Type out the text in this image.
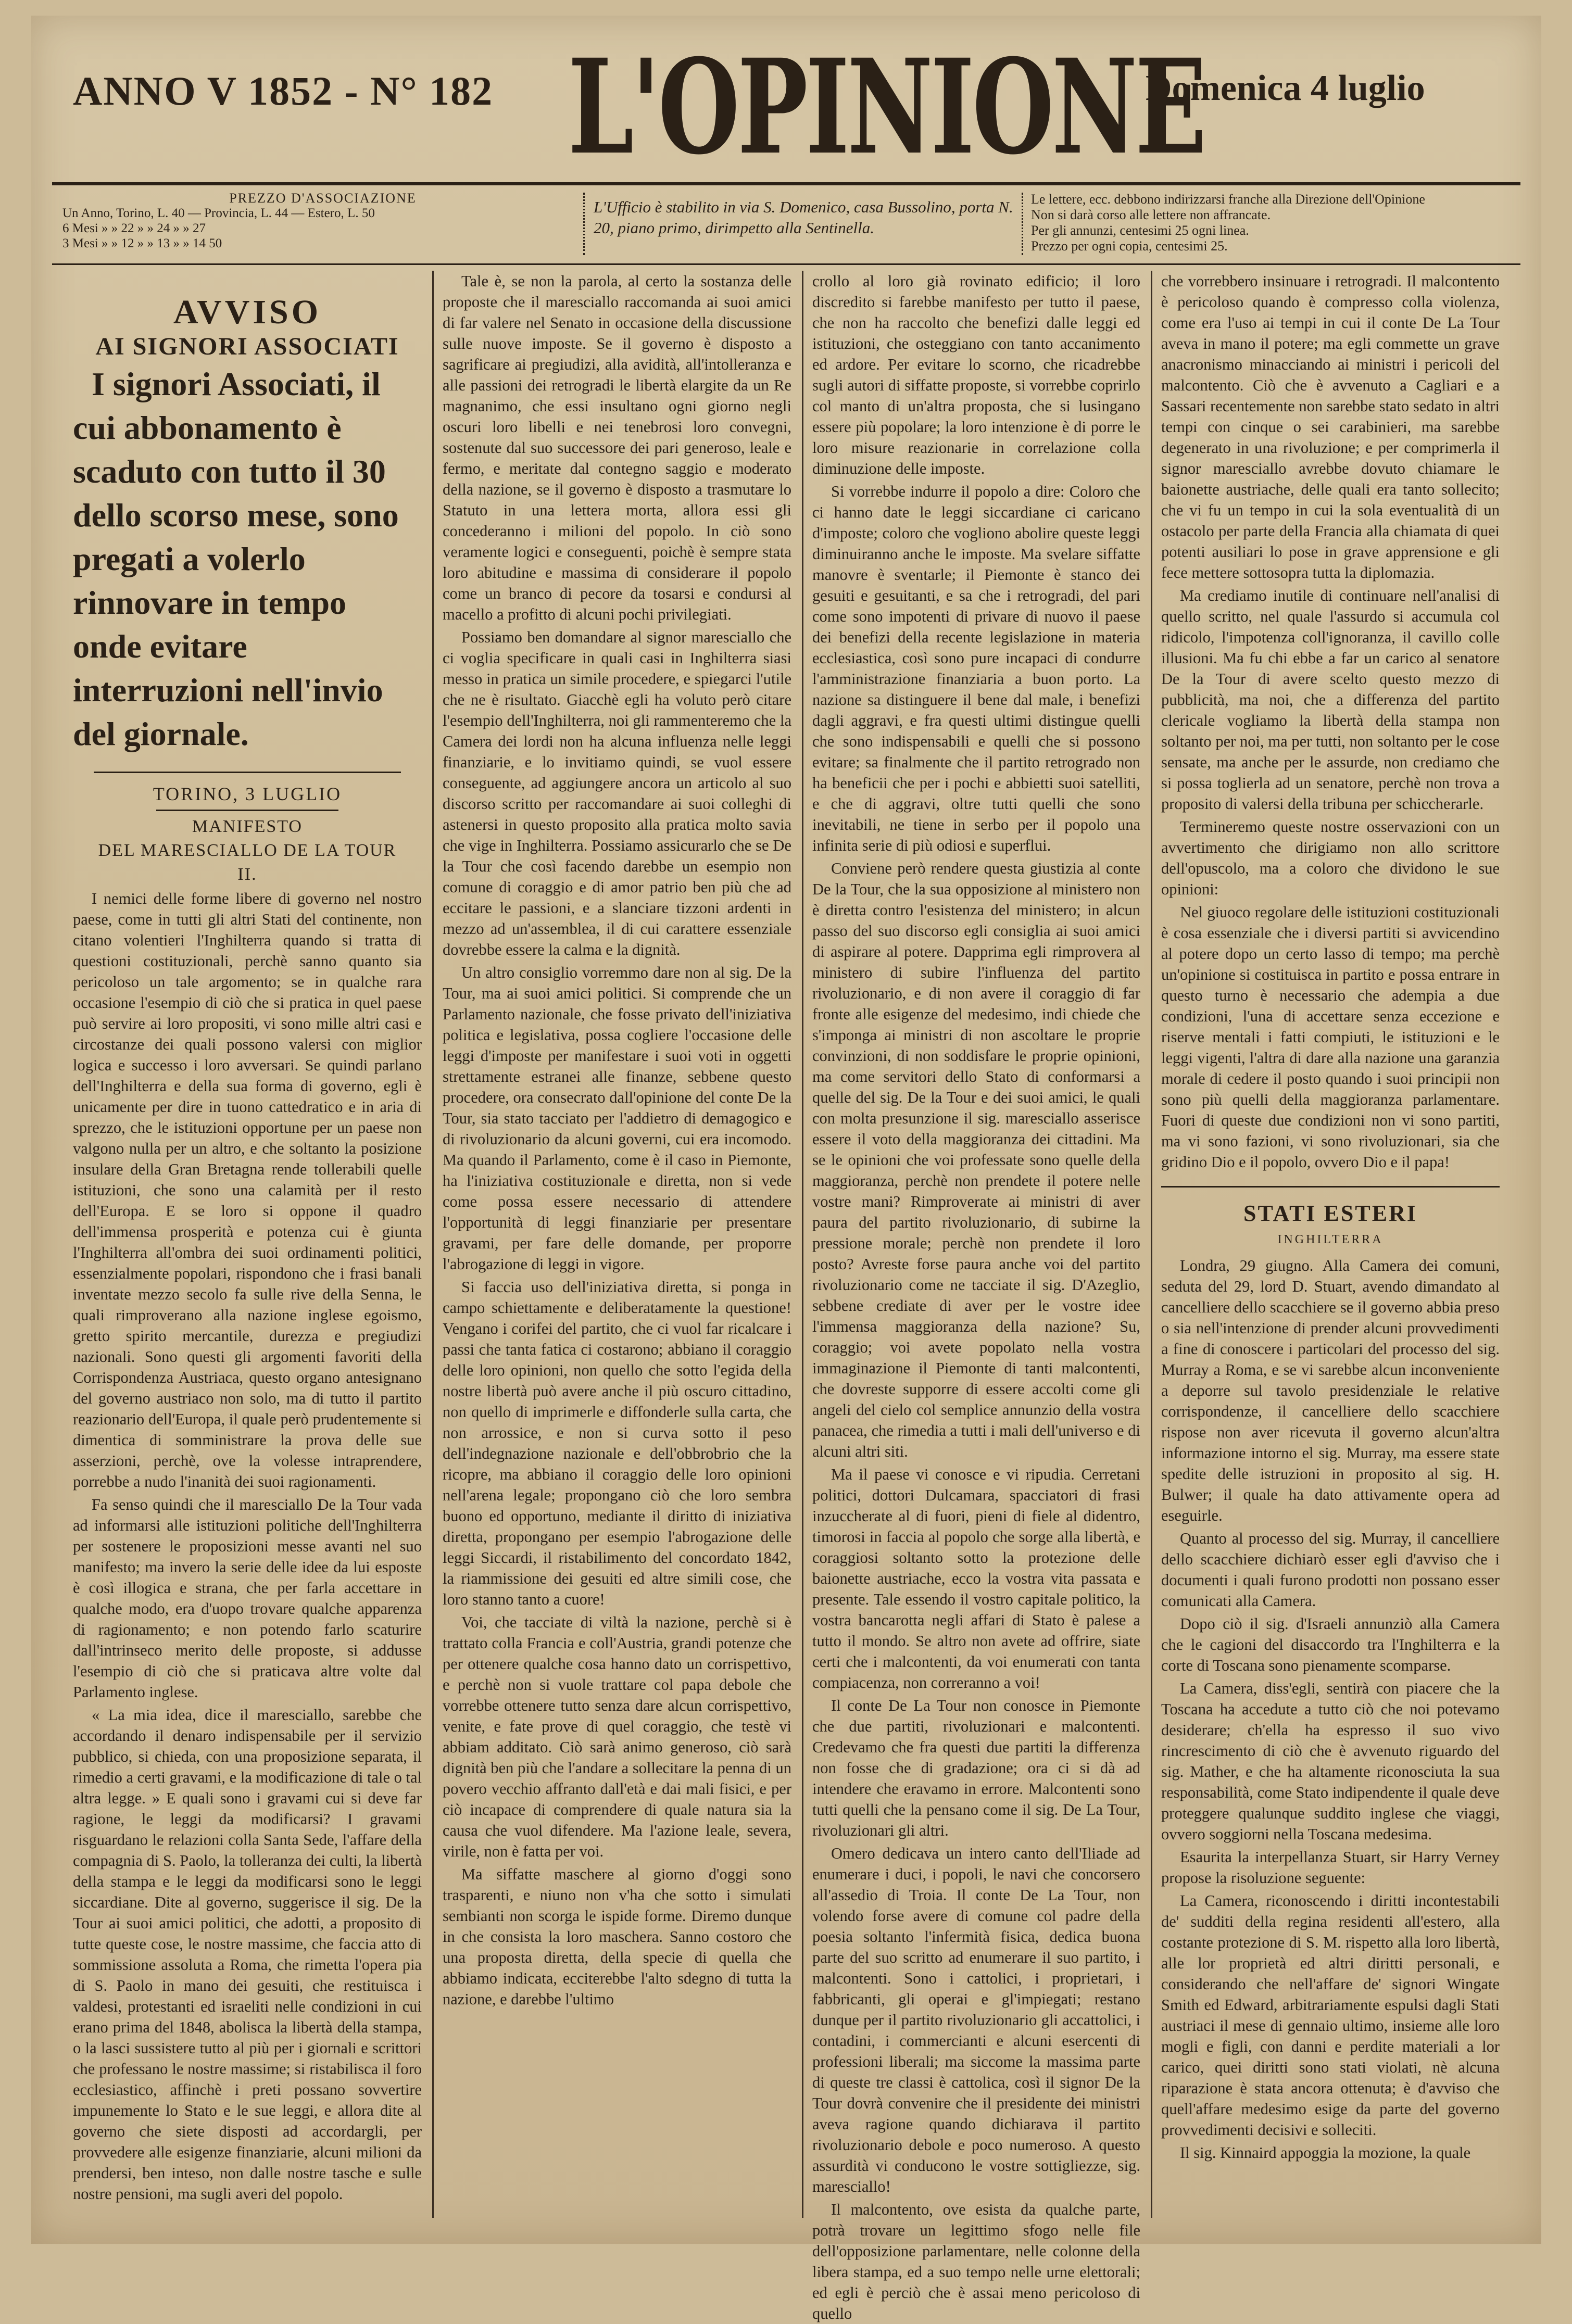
ANNO V 1852 - N° 182 L'OPINIONE
Domenica 4 luglio
PREZZO D'ASSOCIAZIONE
Un Anno, Torino, L. 40 — Provincia, L. 44 — Estero, L. 50
6 Mesi » » 22 » » 24 » » 27
3 Mesi » » 12 » » 13 » » 14 50
L'Ufficio è stabilito in via S. Domenico, casa Bussolino, porta N. 20, piano primo, dirimpetto alla Sentinella.
Le lettere, ecc. debbono indirizzarsi franche alla Direzione dell'Opinione
Non si darà corso alle lettere non affrancate.
Per gli annunzi, centesimi 25 ogni linea.
Prezzo per ogni copia, centesimi 25.
AVVISO
AI SIGNORI ASSOCIATI

I signori Associati, il cui abbonamento è scaduto con tutto il 30 dello scorso mese, sono pregati a volerlo rinnovare in tempo onde evitare interruzioni nell'invio del giornale.

TORINO, 3 LUGLIO
MANIFESTO
DEL MARESCIALLO DE LA TOUR
II.

I nemici delle forme libere di governo nel nostro paese, come in tutti gli altri Stati del continente, non citano volentieri l'Inghilterra quando si tratta di questioni costituzionali, perchè sanno quanto sia pericoloso un tale argomento; se in qualche rara occasione l'esempio di ciò che si pratica in quel paese può servire ai loro propositi, vi sono mille altri casi e circostanze dei quali possono valersi con miglior logica e successo i loro avversari. Se quindi parlano dell'Inghilterra e della sua forma di governo, egli è unicamente per dire in tuono cattedratico e in aria di sprezzo, che le istituzioni opportune per un paese non valgono nulla per un altro, e che soltanto la posizione insulare della Gran Bretagna rende tollerabili quelle istituzioni, che sono una calamità per il resto dell'Europa. E se loro si oppone il quadro dell'immensa prosperità e potenza cui è giunta l'Inghilterra all'ombra dei suoi ordinamenti politici, essenzialmente popolari, rispondono che i frasi banali inventate mezzo secolo fa sulle rive della Senna, le quali rimproverano alla nazione inglese egoismo, gretto spirito mercantile, durezza e pregiudizi nazionali. Sono questi gli argomenti favoriti della Corrispondenza Austriaca, questo organo antesignano del governo austriaco non solo, ma di tutto il partito reazionario dell'Europa, il quale però prudentemente si dimentica di somministrare la prova delle sue asserzioni, perchè, ove la volesse intraprendere, porrebbe a nudo l'inanità dei suoi ragionamenti.

Fa senso quindi che il maresciallo De la Tour vada ad informarsi alle istituzioni politiche dell'Inghilterra per sostenere le proposizioni messe avanti nel suo manifesto; ma invero la serie delle idee da lui esposte è così illogica e strana, che per farla accettare in qualche modo, era d'uopo trovare qualche apparenza di ragionamento; e non potendo farlo scaturire dall'intrinseco merito delle proposte, si addusse l'esempio di ciò che si praticava altre volte dal Parlamento inglese.

« La mia idea, dice il maresciallo, sarebbe che accordando il denaro indispensabile per il servizio pubblico, si chieda, con una proposizione separata, il rimedio a certi gravami, e la modificazione di tale o tal altra legge. » E quali sono i gravami cui si deve far ragione, le leggi da modificarsi? I gravami risguardano le relazioni colla Santa Sede, l'affare della compagnia di S. Paolo, la tolleranza dei culti, la libertà della stampa e le leggi da modificarsi sono le leggi siccardiane. Dite al governo, suggerisce il sig. De la Tour ai suoi amici politici, che adotti, a proposito di tutte queste cose, le nostre massime, che faccia atto di sommissione assoluta a Roma, che rimetta l'opera pia di S. Paolo in mano dei gesuiti, che restituisca i valdesi, protestanti ed israeliti nelle condizioni in cui erano prima del 1848, abolisca la libertà della stampa, o la lasci sussistere tutto al più per i giornali e scrittori che professano le nostre massime; si ristabilisca il foro ecclesiastico, affinchè i preti possano sovvertire impunemente lo Stato e le sue leggi, e allora dite al governo che siete disposti ad accordargli, per provvedere alle esigenze finanziarie, alcuni milioni da prendersi, ben inteso, non dalle nostre tasche e sulle nostre pensioni, ma sugli averi del popolo.

Tale è, se non la parola, al certo la sostanza delle proposte che il maresciallo raccomanda ai suoi amici di far valere nel Senato in occasione della discussione sulle nuove imposte. Se il governo è disposto a sagrificare ai pregiudizi, alla avidità, all'intolleranza e alle passioni dei retrogradi le libertà elargite da un Re magnanimo, che essi insultano ogni giorno negli oscuri loro libelli e nei tenebrosi loro convegni, sostenute dal suo successore dei pari generoso, leale e fermo, e meritate dal contegno saggio e moderato della nazione, se il governo è disposto a trasmutare lo Statuto in una lettera morta, allora essi gli concederanno i milioni del popolo. In ciò sono veramente logici e conseguenti, poichè è sempre stata loro abitudine e massima di considerare il popolo come un branco di pecore da tosarsi e condursi al macello a profitto di alcuni pochi privilegiati.

Possiamo ben domandare al signor maresciallo che ci voglia specificare in quali casi in Inghilterra siasi messo in pratica un simile procedere, e spiegarci l'utile che ne è risultato. Giacchè egli ha voluto però citare l'esempio dell'Inghilterra, noi gli rammenteremo che la Camera dei lordi non ha alcuna influenza nelle leggi finanziarie, e lo invitiamo quindi, se vuol essere conseguente, ad aggiungere ancora un articolo al suo discorso scritto per raccomandare ai suoi colleghi di astenersi in questo proposito alla pratica molto savia che vige in Inghilterra. Possiamo assicurarlo che se De la Tour che così facendo darebbe un esempio non comune di coraggio e di amor patrio ben più che ad eccitare le passioni, e a slanciare tizzoni ardenti in mezzo ad un'assemblea, il di cui carattere essenziale dovrebbe essere la calma e la dignità.

Un altro consiglio vorremmo dare non al sig. De la Tour, ma ai suoi amici politici. Si comprende che un Parlamento nazionale, che fosse privato dell'iniziativa politica e legislativa, possa cogliere l'occasione delle leggi d'imposte per manifestare i suoi voti in oggetti strettamente estranei alle finanze, sebbene questo procedere, ora consecrato dall'opinione del conte De la Tour, sia stato tacciato per l'addietro di demagogico e di rivoluzionario da alcuni governi, cui era incomodo. Ma quando il Parlamento, come è il caso in Piemonte, ha l'iniziativa costituzionale e diretta, non si vede come possa essere necessario di attendere l'opportunità di leggi finanziarie per presentare gravami, per fare delle domande, per proporre l'abrogazione di leggi in vigore.

Si faccia uso dell'iniziativa diretta, si ponga in campo schiettamente e deliberatamente la questione! Vengano i corifei del partito, che ci vuol far ricalcare i passi che tanta fatica ci costarono; abbiano il coraggio delle loro opinioni, non quello che sotto l'egida della nostre libertà può avere anche il più oscuro cittadino, non quello di imprimerle e diffonderle sulla carta, che non arrossice, e non si curva sotto il peso dell'indegnazione nazionale e dell'obbrobrio che la ricopre, ma abbiano il coraggio delle loro opinioni nell'arena legale; propongano ciò che loro sembra buono ed opportuno, mediante il diritto di iniziativa diretta, propongano per esempio l'abrogazione delle leggi Siccardi, il ristabilimento del concordato 1842, la riammissione dei gesuiti ed altre simili cose, che loro stanno tanto a cuore!

Voi, che tacciate di viltà la nazione, perchè si è trattato colla Francia e coll'Austria, grandi potenze che per ottenere qualche cosa hanno dato un corrispettivo, e perchè non si vuole trattare col papa debole che vorrebbe ottenere tutto senza dare alcun corrispettivo, venite, e fate prove di quel coraggio, che testè vi abbiam additato. Ciò sarà animo generoso, ciò sarà dignità ben più che l'andare a sollecitare la penna di un povero vecchio affranto dall'età e dai mali fisici, e per ciò incapace di comprendere di quale natura sia la causa che vuol difendere. Ma l'azione leale, severa, virile, non è fatta per voi.

Ma siffatte maschere al giorno d'oggi sono trasparenti, e niuno non v'ha che sotto i simulati sembianti non scorga le ispide forme. Diremo dunque in che consista la loro maschera. Sanno costoro che una proposta diretta, della specie di quella che abbiamo indicata, ecciterebbe l'alto sdegno di tutta la nazione, e darebbe l'ultimo

crollo al loro già rovinato edificio; il loro discredito si farebbe manifesto per tutto il paese, che non ha raccolto che benefizi dalle leggi ed istituzioni, che osteggiano con tanto accanimento ed ardore. Per evitare lo scorno, che ricadrebbe sugli autori di siffatte proposte, si vorrebbe coprirlo col manto di un'altra proposta, che si lusingano essere più popolare; la loro intenzione è di porre le loro misure reazionarie in correlazione colla diminuzione delle imposte.

Si vorrebbe indurre il popolo a dire: Coloro che ci hanno date le leggi siccardiane ci caricano d'imposte; coloro che vogliono abolire queste leggi diminuiranno anche le imposte. Ma svelare siffatte manovre è sventarle; il Piemonte è stanco dei gesuiti e gesuitanti, e sa che i retrogradi, del pari come sono impotenti di privare di nuovo il paese dei benefizi della recente legislazione in materia ecclesiastica, così sono pure incapaci di condurre l'amministrazione finanziaria a buon porto. La nazione sa distinguere il bene dal male, i benefizi dagli aggravi, e fra questi ultimi distingue quelli che sono indispensabili e quelli che si possono evitare; sa finalmente che il partito retrogrado non ha beneficii che per i pochi e abbietti suoi satelliti, e che di aggravi, oltre tutti quelli che sono inevitabili, ne tiene in serbo per il popolo una infinita serie di più odiosi e superflui.

Conviene però rendere questa giustizia al conte De la Tour, che la sua opposizione al ministero non è diretta contro l'esistenza del ministero; in alcun passo del suo discorso egli consiglia ai suoi amici di aspirare al potere. Dapprima egli rimprovera al ministero di subire l'influenza del partito rivoluzionario, e di non avere il coraggio di far fronte alle esigenze del medesimo, indi chiede che s'imponga ai ministri di non ascoltare le proprie convinzioni, di non soddisfare le proprie opinioni, ma come servitori dello Stato di conformarsi a quelle del sig. De la Tour e dei suoi amici, le quali con molta presunzione il sig. maresciallo asserisce essere il voto della maggioranza dei cittadini. Ma se le opinioni che voi professate sono quelle della maggioranza, perchè non prendete il potere nelle vostre mani? Rimproverate ai ministri di aver paura del partito rivoluzionario, di subirne la pressione morale; perchè non prendete il loro posto? Avreste forse paura anche voi del partito rivoluzionario come ne tacciate il sig. D'Azeglio, sebbene crediate di aver per le vostre idee l'immensa maggioranza della nazione? Su, coraggio; voi avete popolato nella vostra immaginazione il Piemonte di tanti malcontenti, che dovreste supporre di essere accolti come gli angeli del cielo col semplice annunzio della vostra panacea, che rimedia a tutti i mali dell'universo e di alcuni altri siti.

Ma il paese vi conosce e vi ripudia. Cerretani politici, dottori Dulcamara, spacciatori di frasi inzuccherate al di fuori, pieni di fiele al didentro, timorosi in faccia al popolo che sorge alla libertà, e coraggiosi soltanto sotto la protezione delle baionette austriache, ecco la vostra vita passata e presente. Tale essendo il vostro capitale politico, la vostra bancarotta negli affari di Stato è palese a tutto il mondo. Se altro non avete ad offrire, siate certi che i malcontenti, da voi enumerati con tanta compiacenza, non correranno a voi!

Il conte De La Tour non conosce in Piemonte che due partiti, rivoluzionari e malcontenti. Credevamo che fra questi due partiti la differenza non fosse che di gradazione; ora ci si dà ad intendere che eravamo in errore. Malcontenti sono tutti quelli che la pensano come il sig. De La Tour, rivoluzionari gli altri.

Omero dedicava un intero canto dell'Iliade ad enumerare i duci, i popoli, le navi che concorsero all'assedio di Troia. Il conte De La Tour, non volendo forse avere di comune col padre della poesia soltanto l'infermità fisica, dedica buona parte del suo scritto ad enumerare il suo partito, i malcontenti. Sono i cattolici, i proprietari, i fabbricanti, gli operai e gl'impiegati; restano dunque per il partito rivoluzionario gli accattolici, i contadini, i commercianti e alcuni esercenti di professioni liberali; ma siccome la massima parte di queste tre classi è cattolica, così il signor De la Tour dovrà convenire che il presidente dei ministri aveva ragione quando dichiarava il partito rivoluzionario debole e poco numeroso. A questo assurdità vi conducono le vostre sottigliezze, sig. maresciallo!

Il malcontento, ove esista da qualche parte, potrà trovare un legittimo sfogo nelle file dell'opposizione parlamentare, nelle colonne della libera stampa, ed a suo tempo nelle urne elettorali; ed egli è perciò che è assai meno pericoloso di quello

che vorrebbero insinuare i retrogradi. Il malcontento è pericoloso quando è compresso colla violenza, come era l'uso ai tempi in cui il conte De La Tour aveva in mano il potere; ma egli commette un grave anacronismo minacciando ai ministri i pericoli del malcontento. Ciò che è avvenuto a Cagliari e a Sassari recentemente non sarebbe stato sedato in altri tempi con cinque o sei carabinieri, ma sarebbe degenerato in una rivoluzione; e per comprimerla il signor maresciallo avrebbe dovuto chiamare le baionette austriache, delle quali era tanto sollecito; che vi fu un tempo in cui la sola eventualità di un ostacolo per parte della Francia alla chiamata di quei potenti ausiliari lo pose in grave apprensione e gli fece mettere sottosopra tutta la diplomazia.

Ma crediamo inutile di continuare nell'analisi di quello scritto, nel quale l'assurdo si accumula col ridicolo, l'impotenza coll'ignoranza, il cavillo colle illusioni. Ma fu chi ebbe a far un carico al senatore De la Tour di avere scelto questo mezzo di pubblicità, ma noi, che a differenza del partito clericale vogliamo la libertà della stampa non soltanto per noi, ma per tutti, non soltanto per le cose sensate, ma anche per le assurde, non crediamo che si possa toglierla ad un senatore, perchè non trova a proposito di valersi della tribuna per schiccherarle.

Termineremo queste nostre osservazioni con un avvertimento che dirigiamo non allo scrittore dell'opuscolo, ma a coloro che dividono le sue opinioni:

Nel giuoco regolare delle istituzioni costituzionali è cosa essenziale che i diversi partiti si avvicendino al potere dopo un certo lasso di tempo; ma perchè un'opinione si costituisca in partito e possa entrare in questo turno è necessario che adempia a due condizioni, l'una di accettare senza eccezione e riserve mentali i fatti compiuti, le istituzioni e le leggi vigenti, l'altra di dare alla nazione una garanzia morale di cedere il posto quando i suoi principii non sono più quelli della maggioranza parlamentare. Fuori di queste due condizioni non vi sono partiti, ma vi sono fazioni, vi sono rivoluzionari, sia che gridino Dio e il popolo, ovvero Dio e il papa!

STATI ESTERI
INGHILTERRA

Londra, 29 giugno. Alla Camera dei comuni, seduta del 29, lord D. Stuart, avendo dimandato al cancelliere dello scacchiere se il governo abbia preso o sia nell'intenzione di prender alcuni provvedimenti a fine di conoscere i particolari del processo del sig. Murray a Roma, e se vi sarebbe alcun inconveniente a deporre sul tavolo presidenziale le relative corrispondenze, il cancelliere dello scacchiere rispose non aver ricevuta il governo alcun'altra informazione intorno el sig. Murray, ma essere state spedite delle istruzioni in proposito al sig. H. Bulwer; il quale ha dato attivamente opera ad eseguirle.

Quanto al processo del sig. Murray, il cancelliere dello scacchiere dichiarò esser egli d'avviso che i documenti i quali furono prodotti non possano esser comunicati alla Camera.

Dopo ciò il sig. d'Israeli annunziò alla Camera che le cagioni del disaccordo tra l'Inghilterra e la corte di Toscana sono pienamente scomparse.

La Camera, diss'egli, sentirà con piacere che la Toscana ha accedute a tutto ciò che noi potevamo desiderare; ch'ella ha espresso il suo vivo rincrescimento di ciò che è avvenuto riguardo del sig. Mather, e che ha altamente riconosciuta la sua responsabilità, come Stato indipendente il quale deve proteggere qualunque suddito inglese che viaggi, ovvero soggiorni nella Toscana medesima.

Esaurita la interpellanza Stuart, sir Harry Verney propose la risoluzione seguente:

La Camera, riconoscendo i diritti incontestabili de' sudditi della regina residenti all'estero, alla costante protezione di S. M. rispetto alla loro libertà, alle lor proprietà ed altri diritti personali, e considerando che nell'affare de' signori Wingate Smith ed Edward, arbitrariamente espulsi dagli Stati austriaci il mese di gennaio ultimo, insieme alle loro mogli e figli, con danni e perdite materiali a lor carico, quei diritti sono stati violati, nè alcuna riparazione è stata ancora ottenuta; è d'avviso che quell'affare medesimo esige da parte del governo provvedimenti decisivi e solleciti.

Il sig. Kinnaird appoggia la mozione, la quale
